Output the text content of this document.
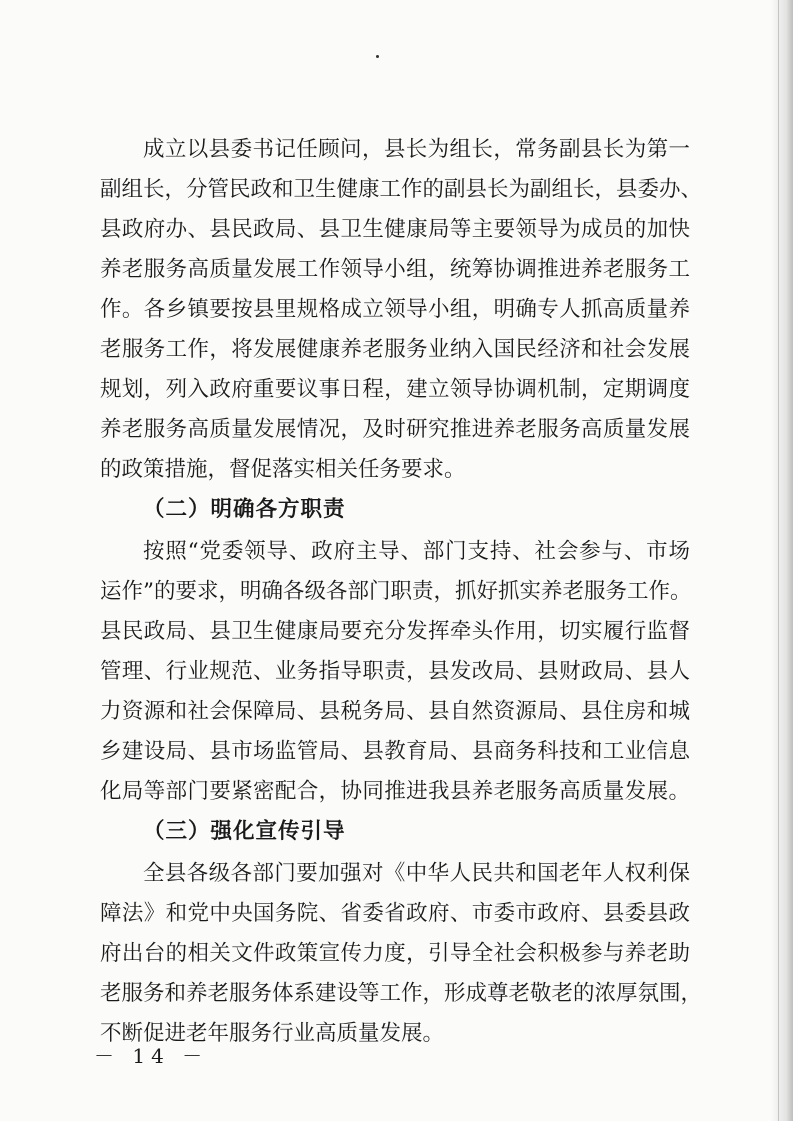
成立以县委书记任顾问，县长为组长，常务副县长为第一
副组长，分管民政和卫生健康工作的副县长为副组长，县委办、
县政府办、县民政局、县卫生健康局等主要领导为成员的加快
养老服务高质量发展工作领导小组，统筹协调推进养老服务工
作。各乡镇要按县里规格成立领导小组，明确专人抓高质量养
老服务工作，将发展健康养老服务业纳入国民经济和社会发展
规划，列入政府重要议事日程，建立领导协调机制，定期调度
养老服务高质量发展情况，及时研究推进养老服务高质量发展
的政策措施，督促落实相关任务要求。
（二）明确各方职责
按照“党委领导、政府主导、部门支持、社会参与、市场
运作”的要求，明确各级各部门职责，抓好抓实养老服务工作。
县民政局、县卫生健康局要充分发挥牵头作用，切实履行监督
管理、行业规范、业务指导职责，县发改局、县财政局、县人
力资源和社会保障局、县税务局、县自然资源局、县住房和城
乡建设局、县市场监管局、县教育局、县商务科技和工业信息
化局等部门要紧密配合，协同推进我县养老服务高质量发展。
（三）强化宣传引导
全县各级各部门要加强对《中华人民共和国老年人权利保
障法》和党中央国务院、省委省政府、市委市政府、县委县政
府出台的相关文件政策宣传力度，引导全社会积极参与养老助
老服务和养老服务体系建设等工作，形成尊老敬老的浓厚氛围，
不断促进老年服务行业高质量发展。
－ 14 －
